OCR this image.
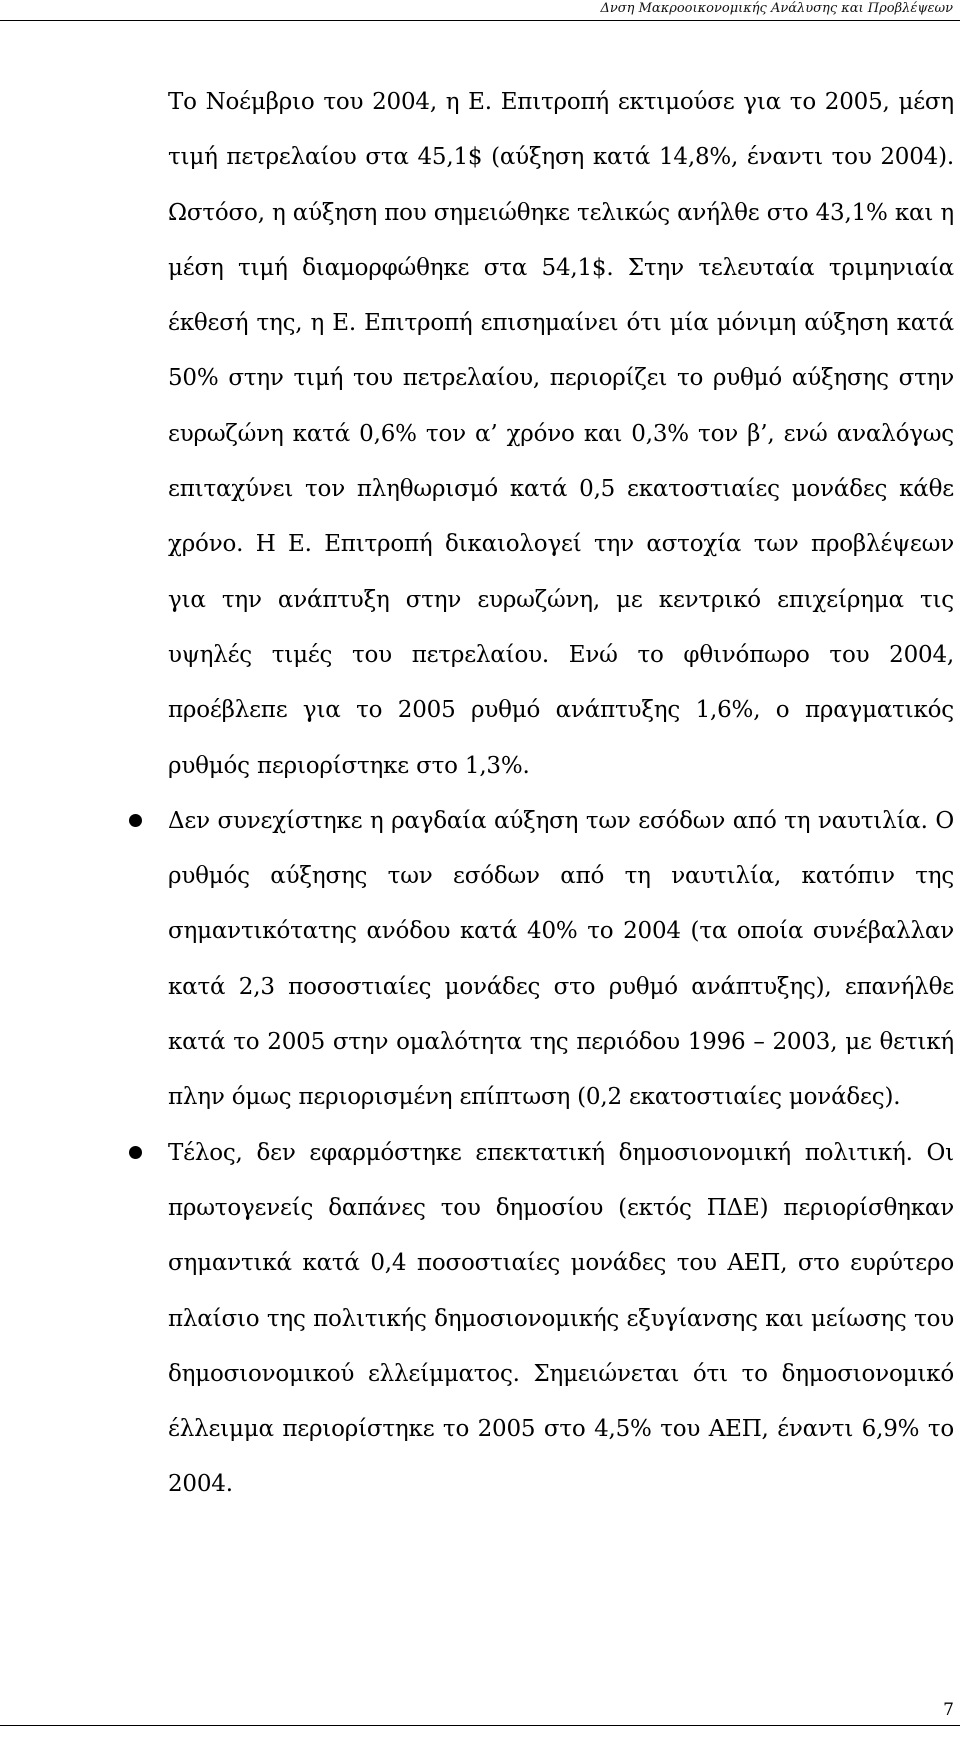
Δνση Μακροοικονομικής Ανάλυσης και Προβλέψεων

Το Νοέμβριο του 2004, η Ε. Επιτροπή εκτιμούσε για το 2005, μέση τιμή πετρελαίου στα 45,1$ (αύξηση κατά 14,8%, έναντι του 2004). Ωστόσο, η αύξηση που σημειώθηκε τελικώς ανήλθε στο 43,1% και η μέση τιμή διαμορφώθηκε στα 54,1$. Στην τελευταία τριμηνιαία έκθεσή της, η Ε. Επιτροπή επισημαίνει ότι μία μόνιμη αύξηση κατά 50% στην τιμή του πετρελαίου, περιορίζει το ρυθμό αύξησης στην ευρωζώνη κατά 0,6% τον α’ χρόνο και 0,3% τον β’, ενώ αναλόγως επιταχύνει τον πληθωρισμό κατά 0,5 εκατοστιαίες μονάδες κάθε χρόνο. Η Ε. Επιτροπή δικαιολογεί την αστοχία των προβλέψεων για την ανάπτυξη στην ευρωζώνη, με κεντρικό επιχείρημα τις υψηλές τιμές του πετρελαίου. Ενώ το φθινόπωρο του 2004, προέβλεπε για το 2005 ρυθμό ανάπτυξης 1,6%, ο πραγματικός ρυθμός περιορίστηκε στο 1,3%.

Δεν συνεχίστηκε η ραγδαία αύξηση των εσόδων από τη ναυτιλία. Ο ρυθμός αύξησης των εσόδων από τη ναυτιλία, κατόπιν της σημαντικότατης ανόδου κατά 40% το 2004 (τα οποία συνέβαλλαν κατά 2,3 ποσοστιαίες μονάδες στο ρυθμό ανάπτυξης), επανήλθε κατά το 2005 στην ομαλότητα της περιόδου 1996 – 2003, με θετική πλην όμως περιορισμένη επίπτωση (0,2 εκατοστιαίες μονάδες).

Τέλος, δεν εφαρμόστηκε επεκτατική δημοσιονομική πολιτική. Οι πρωτογενείς δαπάνες του δημοσίου (εκτός ΠΔΕ) περιορίσθηκαν σημαντικά κατά 0,4 ποσοστιαίες μονάδες του ΑΕΠ, στο ευρύτερο πλαίσιο της πολιτικής δημοσιονομικής εξυγίανσης και μείωσης του δημοσιονομικού ελλείμματος. Σημειώνεται ότι το δημοσιονομικό έλλειμμα περιορίστηκε το 2005 στο 4,5% του ΑΕΠ, έναντι 6,9% το 2004.

7
